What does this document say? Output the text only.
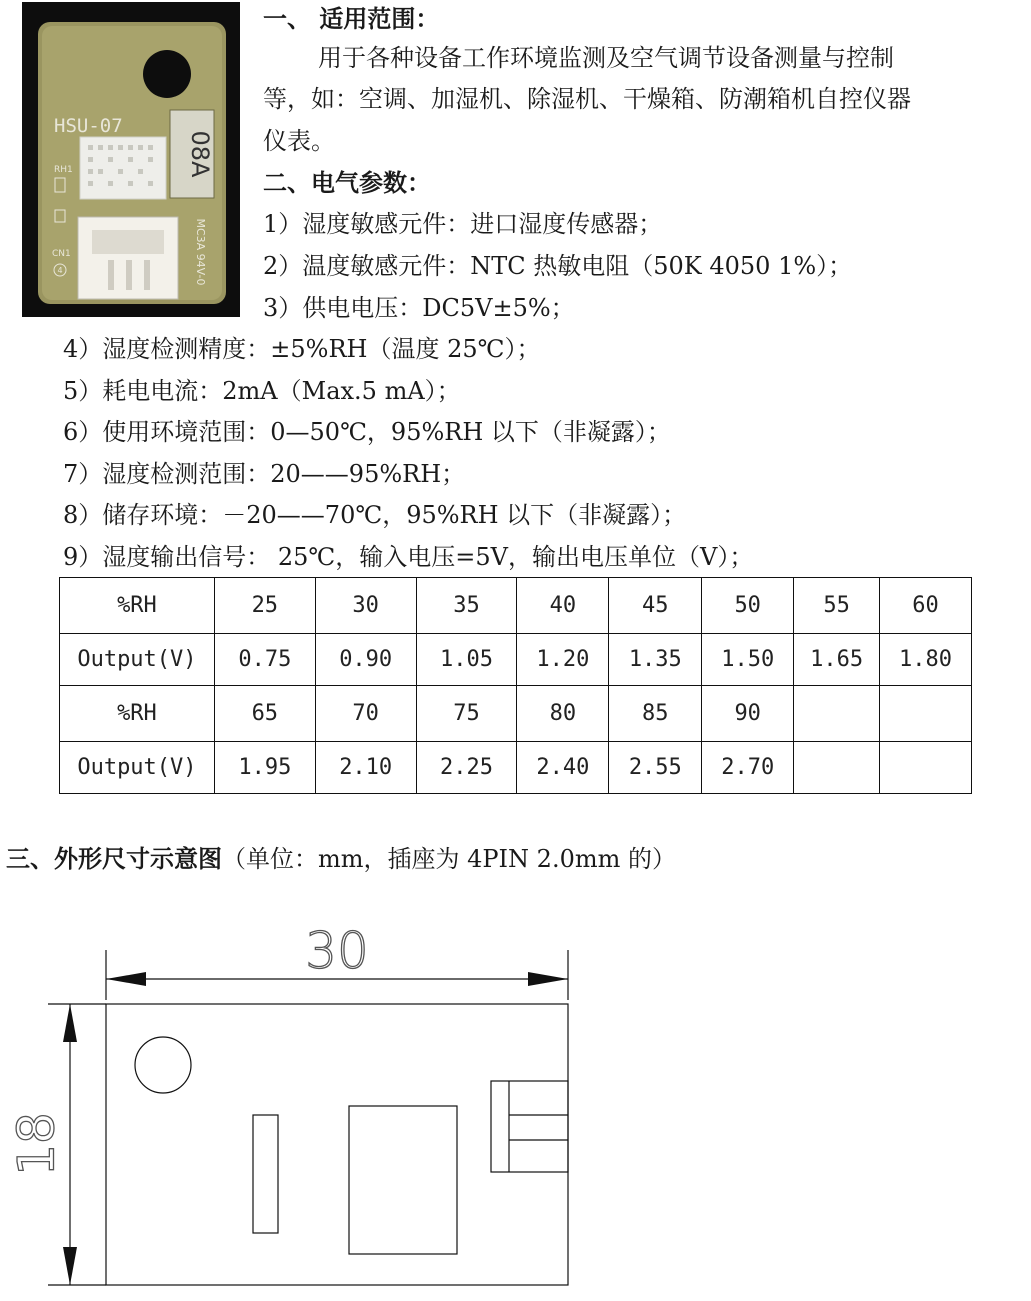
08A
HSU-07
RH1
CN1
4	MC3A 94V-0
一、 适用范围：
用于各种设备工作环境监测及空气调节设备测量与控制
等，如：空调、加湿机、除湿机、干燥箱、防潮箱机自控仪器
仪表。
二、电气参数：
1）湿度敏感元件：进口湿度传感器；
2）温度敏感元件：NTC 热敏电阻（50K 4050 1%）；
3）供电电压：DC5V±5%；
4）湿度检测精度：±5%RH（温度 25℃）；
5）耗电电流：2mA（Max.5 mA）；
6）使用环境范围：0—50℃，95%RH 以下（非凝露）；
7）湿度检测范围：20——95%RH；
8）储存环境：－20——70℃，95%RH 以下（非凝露）；
9）湿度输出信号： 25℃，输入电压=5V，输出电压单位（V）；
%RH	25	30	35	40	45	50	55	60
Output(V)	0.75	0.90	1.05	1.20	1.35	1.50	1.65	1.80
%RH	65	70	75	80	85	90		
Output(V)	1.95	2.10	2.25	2.40	2.55	2.70		
三、外形尺寸示意图（单位：mm，插座为 4PIN 2.0mm 的）
30
18
